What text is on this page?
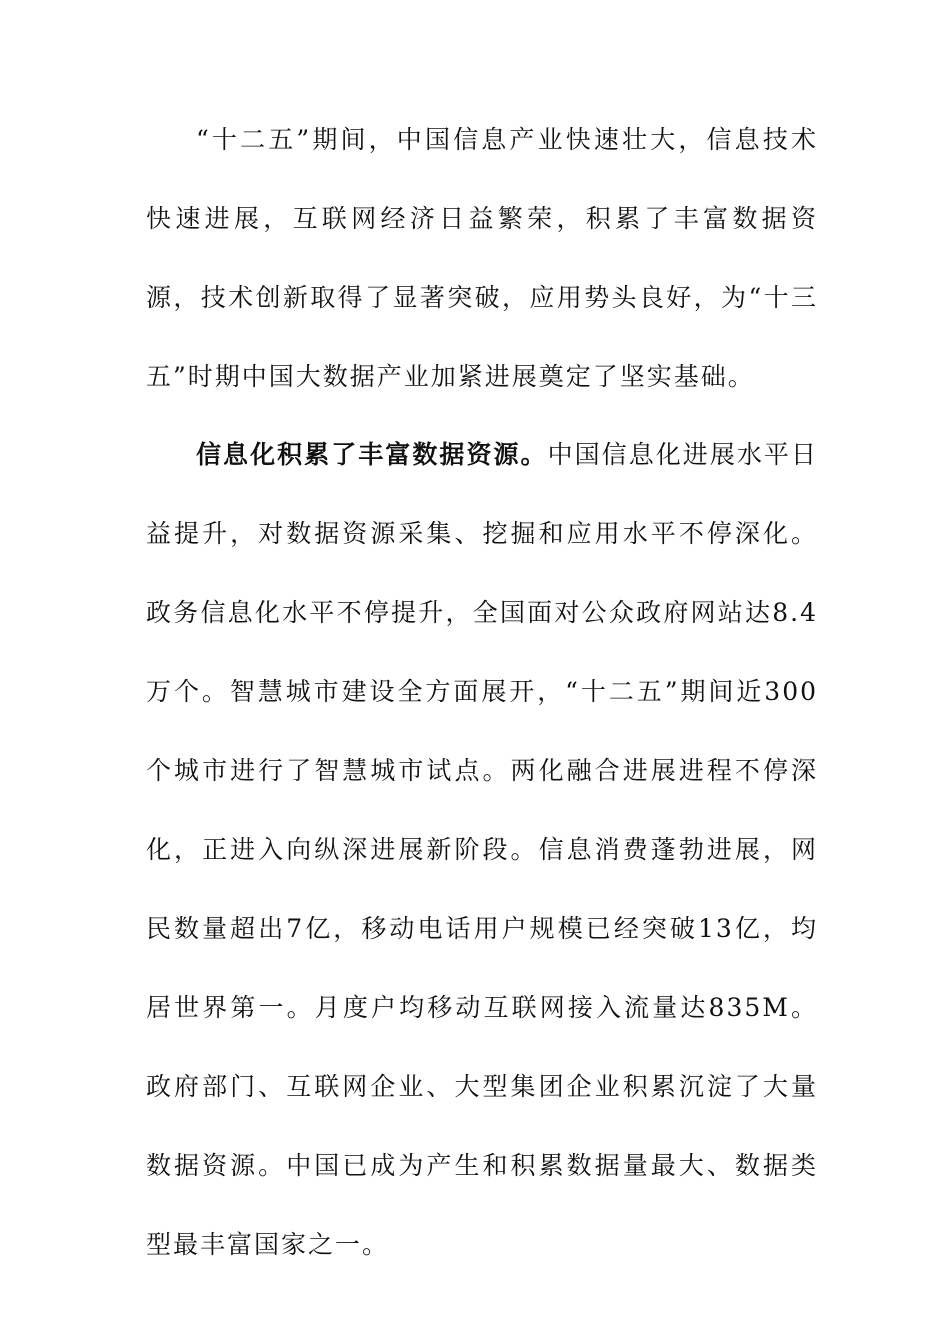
“十二五”期间，中国信息产业快速壮大，信息技术快速进展，互联网经济日益繁荣，积累了丰富数据资源，技术创新取得了显著突破，应用势头良好，为“十三五”时期中国大数据产业加紧进展奠定了坚实基础。

信息化积累了丰富数据资源。中国信息化进展水平日益提升，对数据资源采集、挖掘和应用水平不停深化。政务信息化水平不停提升，全国面对公众政府网站达8.4万个。智慧城市建设全方面展开，“十二五”期间近300个城市进行了智慧城市试点。两化融合进展进程不停深化，正进入向纵深进展新阶段。信息消费蓬勃进展，网民数量超出7亿，移动电话用户规模已经突破13亿，均居世界第一。月度户均移动互联网接入流量达835M。政府部门、互联网企业、大型集团企业积累沉淀了大量数据资源。中国已成为产生和积累数据量最大、数据类型最丰富国家之一。
